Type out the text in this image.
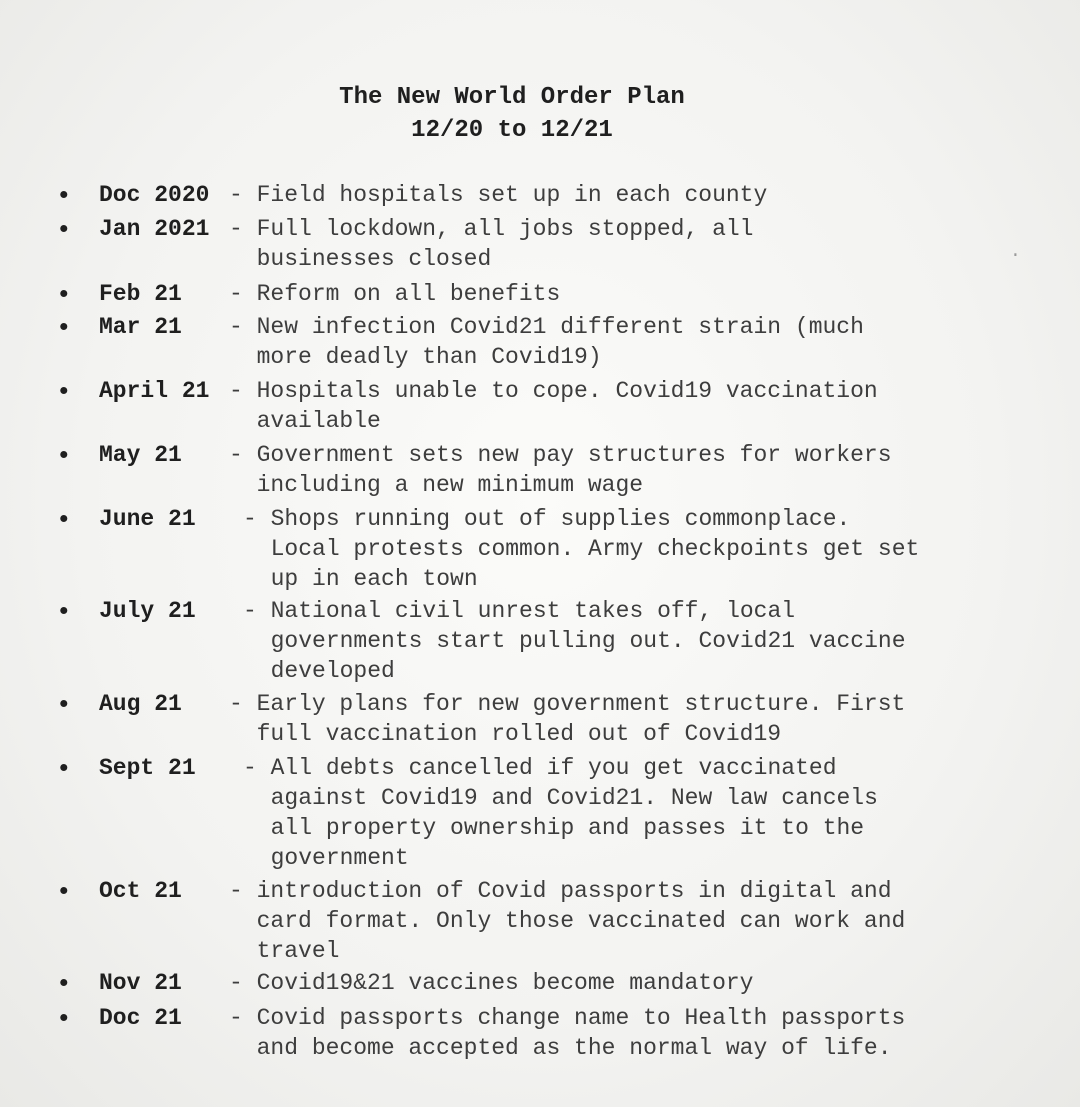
The New World Order Plan
12/20 to 12/21
• Doc 2020 - Field hospitals set up in each county
• Jan 2021 - Full lockdown, all jobs stopped, all
businesses closed
• Feb 21 - Reform on all benefits
• Mar 21 - New infection Covid21 different strain (much
more deadly than Covid19)
• April 21 - Hospitals unable to cope. Covid19 vaccination
available
• May 21 - Government sets new pay structures for workers
including a new minimum wage
• June 21 - Shops running out of supplies commonplace.
Local protests common. Army checkpoints get set
up in each town
• July 21 - National civil unrest takes off, local
governments start pulling out. Covid21 vaccine
developed
• Aug 21 - Early plans for new government structure. First
full vaccination rolled out of Covid19
• Sept 21 - All debts cancelled if you get vaccinated
against Covid19 and Covid21. New law cancels
all property ownership and passes it to the
government
• Oct 21 - introduction of Covid passports in digital and
card format. Only those vaccinated can work and
travel
• Nov 21 - Covid19&21 vaccines become mandatory
• Doc 21 - Covid passports change name to Health passports
and become accepted as the normal way of life.
·
